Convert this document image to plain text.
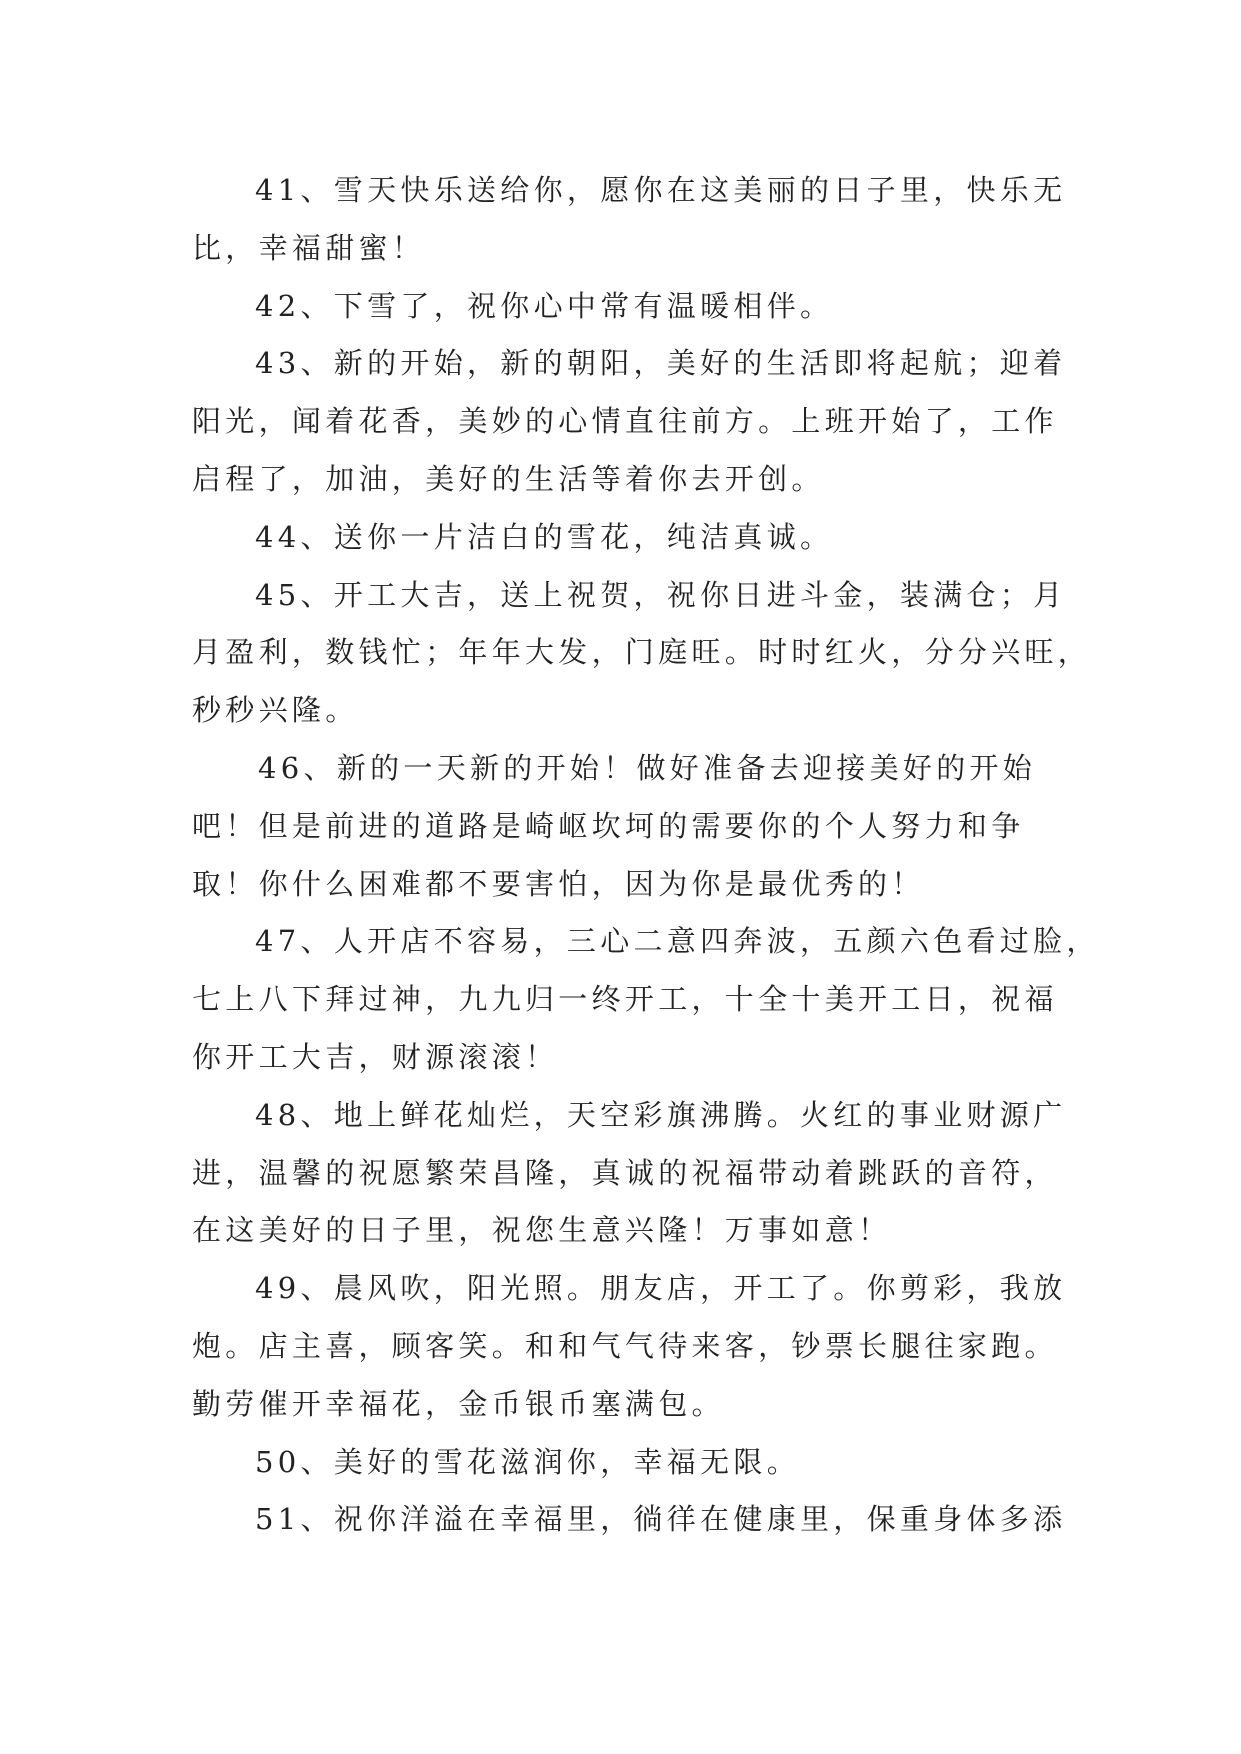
41、雪天快乐送给你，愿你在这美丽的日子里，快乐无

比，幸福甜蜜！

42、下雪了，祝你心中常有温暖相伴。

43、新的开始，新的朝阳，美好的生活即将起航；迎着

阳光，闻着花香，美妙的心情直往前方。上班开始了，工作

启程了，加油，美好的生活等着你去开创。

44、送你一片洁白的雪花，纯洁真诚。

45、开工大吉，送上祝贺，祝你日进斗金，装满仓；月

月盈利，数钱忙；年年大发，门庭旺。时时红火，分分兴旺，

秒秒兴隆。

46、新的一天新的开始！做好准备去迎接美好的开始

吧！但是前进的道路是崎岖坎坷的需要你的个人努力和争

取！你什么困难都不要害怕，因为你是最优秀的！

47、人开店不容易，三心二意四奔波，五颜六色看过脸，

七上八下拜过神，九九归一终开工，十全十美开工日，祝福

你开工大吉，财源滚滚！

48、地上鲜花灿烂，天空彩旗沸腾。火红的事业财源广

进，温馨的祝愿繁荣昌隆，真诚的祝福带动着跳跃的音符，

在这美好的日子里，祝您生意兴隆！万事如意！

49、晨风吹，阳光照。朋友店，开工了。你剪彩，我放

炮。店主喜，顾客笑。和和气气待来客，钞票长腿往家跑。

勤劳催开幸福花，金币银币塞满包。

50、美好的雪花滋润你，幸福无限。

51、祝你洋溢在幸福里，徜徉在健康里，保重身体多添
